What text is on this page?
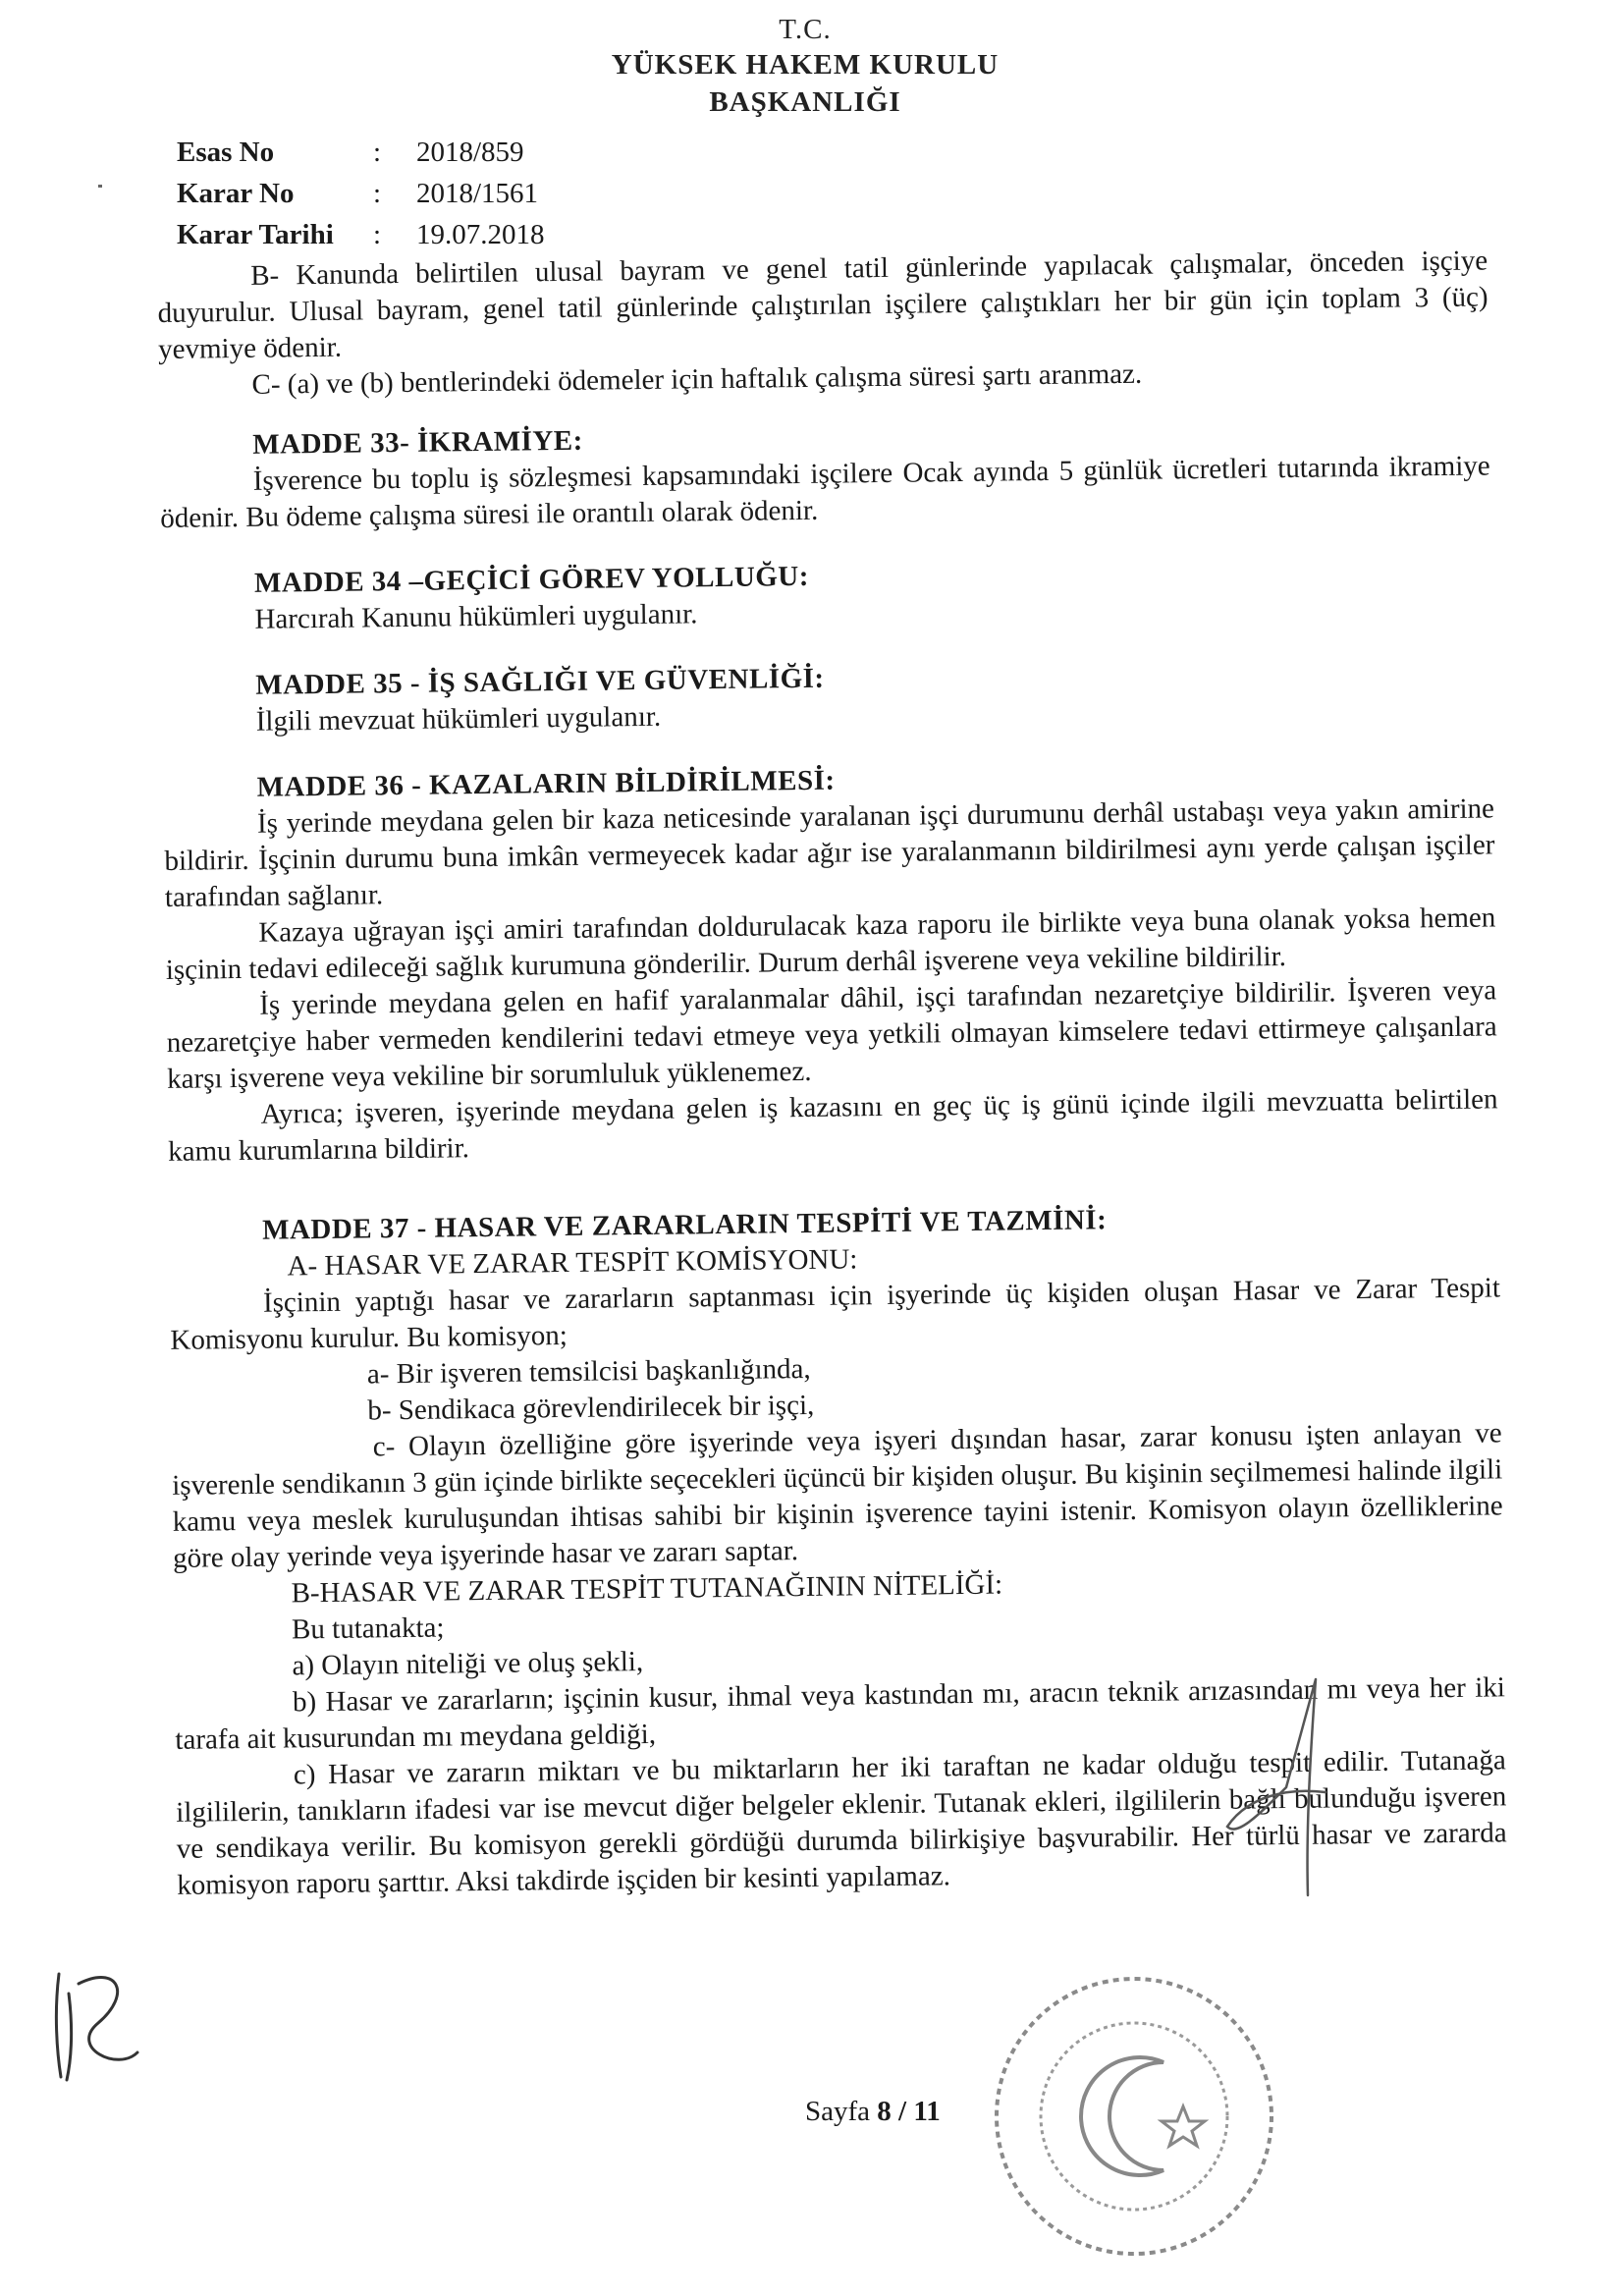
T.C.
YÜKSEK HAKEM KURULU
BAŞKANLIĞI
Esas No	:	2018/859
Karar No	:	2018/1561
Karar Tarihi	:	19.07.2018

B- Kanunda belirtilen ulusal bayram ve genel tatil günlerinde yapılacak çalışmalar, önceden işçiye duyurulur. Ulusal bayram, genel tatil günlerinde çalıştırılan işçilere çalıştıkları her bir gün için toplam 3 (üç) yevmiye ödenir.

C- (a) ve (b) bentlerindeki ödemeler için haftalık çalışma süresi şartı aranmaz.

MADDE 33- İKRAMİYE:

İşverence bu toplu iş sözleşmesi kapsamındaki işçilere Ocak ayında 5 günlük ücretleri tutarında ikramiye ödenir. Bu ödeme çalışma süresi ile orantılı olarak ödenir.

MADDE 34 –GEÇİCİ GÖREV YOLLUĞU:

Harcırah Kanunu hükümleri uygulanır.

MADDE 35 - İŞ SAĞLIĞI VE GÜVENLİĞİ:

İlgili mevzuat hükümleri uygulanır.

MADDE 36 - KAZALARIN BİLDİRİLMESİ:

İş yerinde meydana gelen bir kaza neticesinde yaralanan işçi durumunu derhâl ustabaşı veya yakın amirine bildirir. İşçinin durumu buna imkân vermeyecek kadar ağır ise yaralanmanın bildirilmesi aynı yerde çalışan işçiler tarafından sağlanır.

Kazaya uğrayan işçi amiri tarafından doldurulacak kaza raporu ile birlikte veya buna olanak yoksa hemen işçinin tedavi edileceği sağlık kurumuna gönderilir. Durum derhâl işverene veya vekiline bildirilir.

İş yerinde meydana gelen en hafif yaralanmalar dâhil, işçi tarafından nezaretçiye bildirilir. İşveren veya nezaretçiye haber vermeden kendilerini tedavi etmeye veya yetkili olmayan kimselere tedavi ettirmeye çalışanlara karşı işverene veya vekiline bir sorumluluk yüklenemez.

Ayrıca; işveren, işyerinde meydana gelen iş kazasını en geç üç iş günü içinde ilgili mevzuatta belirtilen kamu kurumlarına bildirir.

MADDE 37 - HASAR VE ZARARLARIN TESPİTİ VE TAZMİNİ:

A- HASAR VE ZARAR TESPİT KOMİSYONU:

İşçinin yaptığı hasar ve zararların saptanması için işyerinde üç kişiden oluşan Hasar ve Zarar Tespit Komisyonu kurulur. Bu komisyon;

a- Bir işveren temsilcisi başkanlığında,

b- Sendikaca görevlendirilecek bir işçi,

c- Olayın özelliğine göre işyerinde veya işyeri dışından hasar, zarar konusu işten anlayan ve işverenle sendikanın 3 gün içinde birlikte seçecekleri üçüncü bir kişiden oluşur. Bu kişinin seçilmemesi halinde ilgili kamu veya meslek kuruluşundan ihtisas sahibi bir kişinin işverence tayini istenir. Komisyon olayın özelliklerine göre olay yerinde veya işyerinde hasar ve zararı saptar.

B-HASAR VE ZARAR TESPİT TUTANAĞININ NİTELİĞİ:

Bu tutanakta;

a) Olayın niteliği ve oluş şekli,

b) Hasar ve zararların; işçinin kusur, ihmal veya kastından mı, aracın teknik arızasından mı veya her iki tarafa ait kusurundan mı meydana geldiği,

c) Hasar ve zararın miktarı ve bu miktarların her iki taraftan ne kadar olduğu tespit edilir. Tutanağa ilgililerin, tanıkların ifadesi var ise mevcut diğer belgeler eklenir. Tutanak ekleri, ilgililerin bağlı bulunduğu işveren ve sendikaya verilir. Bu komisyon gerekli gördüğü durumda bilirkişiye başvurabilir. Her türlü hasar ve zararda komisyon raporu şarttır. Aksi takdirde işçiden bir kesinti yapılamaz.

Sayfa 8 / 11
